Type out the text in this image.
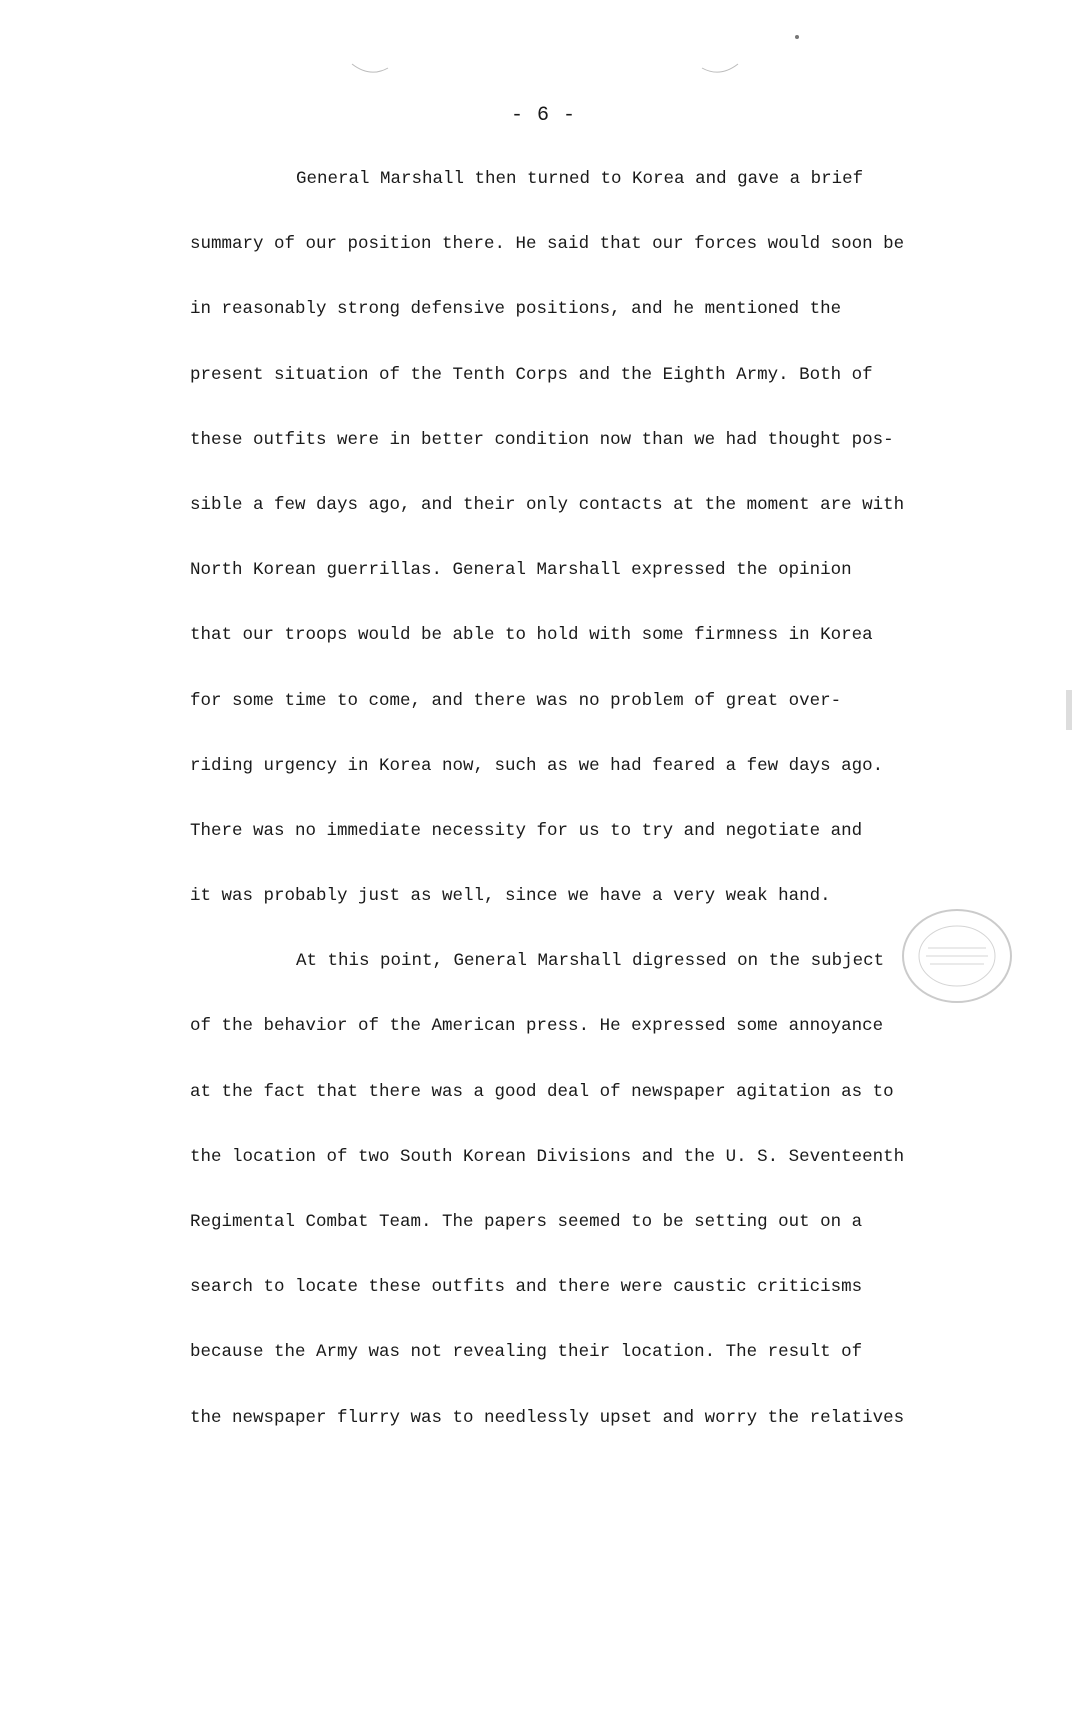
- 6 -
General Marshall then turned to Korea and gave a brief
summary of our position there. He said that our forces would soon be
in reasonably strong defensive positions, and he mentioned the
present situation of the Tenth Corps and the Eighth Army. Both of
these outfits were in better condition now than we had thought pos-
sible a few days ago, and their only contacts at the moment are with
North Korean guerrillas. General Marshall expressed the opinion
that our troops would be able to hold with some firmness in Korea
for some time to come, and there was no problem of great over-
riding urgency in Korea now, such as we had feared a few days ago.
There was no immediate necessity for us to try and negotiate and
it was probably just as well, since we have a very weak hand.
At this point, General Marshall digressed on the subject
of the behavior of the American press. He expressed some annoyance
at the fact that there was a good deal of newspaper agitation as to
the location of two South Korean Divisions and the U. S. Seventeenth
Regimental Combat Team. The papers seemed to be setting out on a
search to locate these outfits and there were caustic criticisms
because the Army was not revealing their location. The result of
the newspaper flurry was to needlessly upset and worry the relatives
